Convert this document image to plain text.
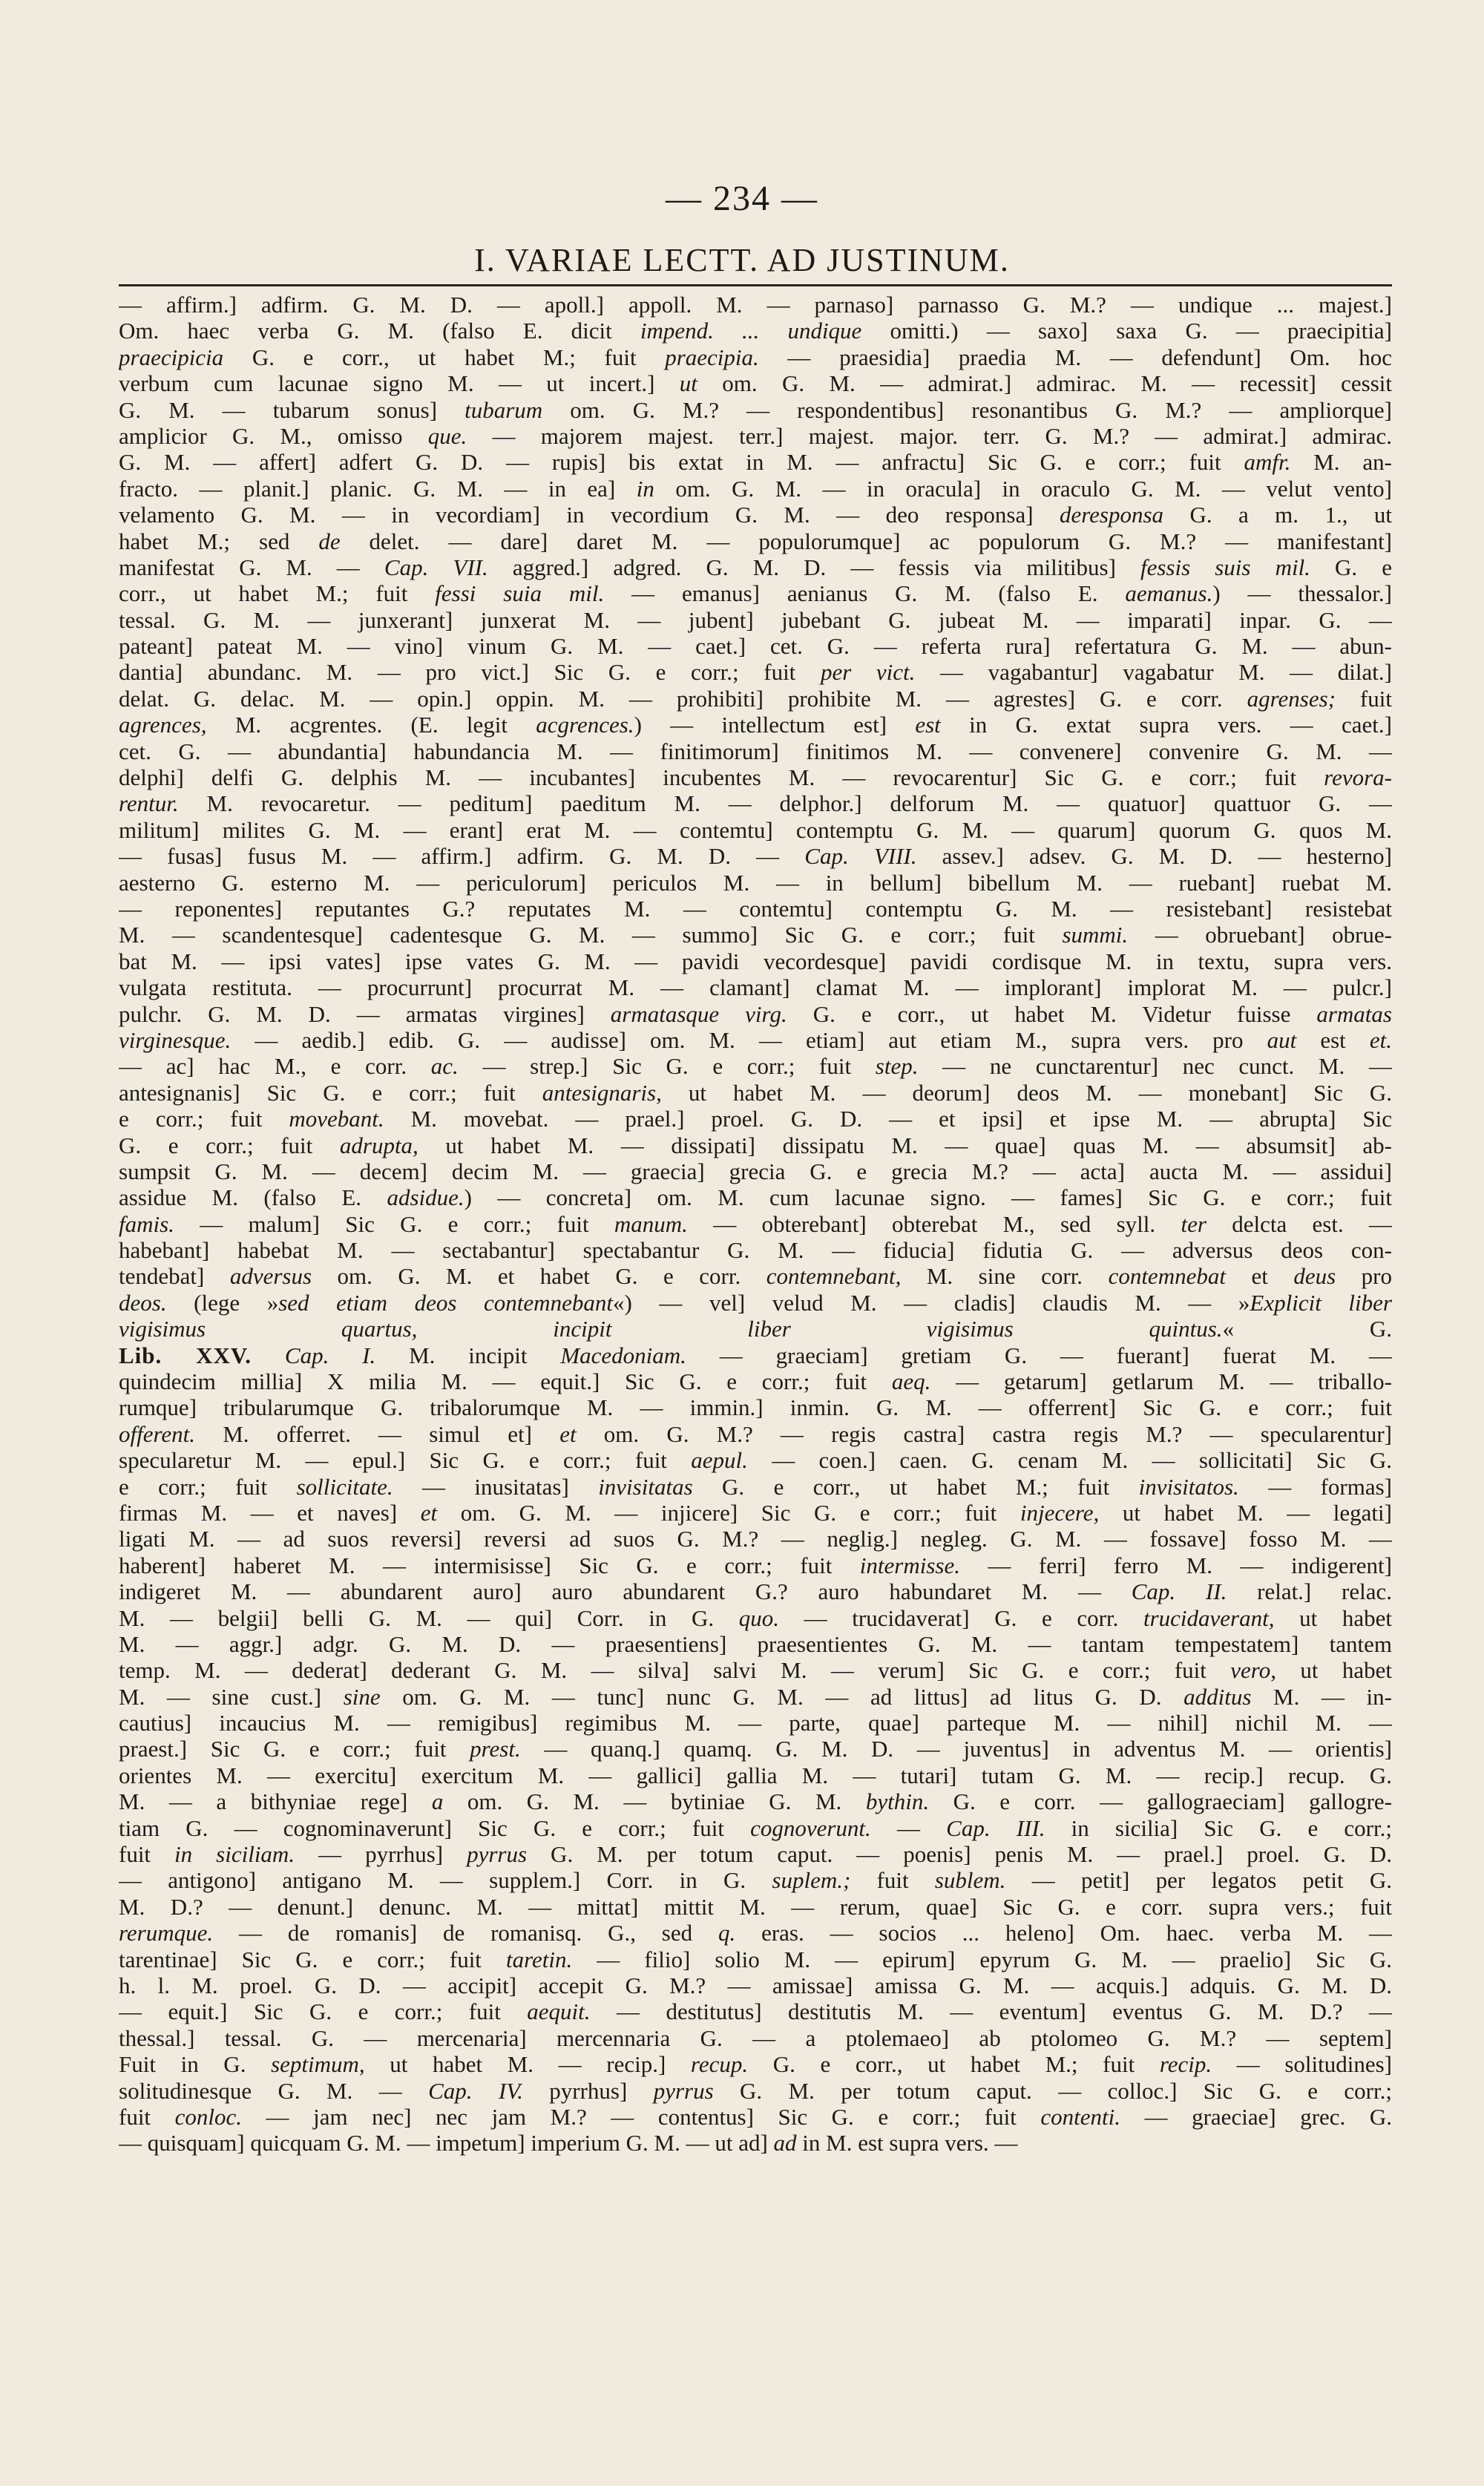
— 234 —
I. VARIAE LECTT. AD JUSTINUM.
— affirm.] adfirm. G. M. D. — apoll.] appoll. M. — parnaso] parnasso G. M.? — undique ... majest.]
Om. haec verba G. M. (falso E. dicit impend. ... undique omitti.) — saxo] saxa G. — praecipitia]
praecipicia G. e corr., ut habet M.; fuit praecipia. — praesidia] praedia M. — defendunt] Om. hoc
verbum cum lacunae signo M. — ut incert.] ut om. G. M. — admirat.] admirac. M. — recessit] cessit
G. M. — tubarum sonus] tubarum om. G. M.? — respondentibus] resonantibus G. M.? — ampliorque]
amplicior G. M., omisso que. — majorem majest. terr.] majest. major. terr. G. M.? — admirat.] admirac.
G. M. — affert] adfert G. D. — rupis] bis extat in M. — anfractu] Sic G. e corr.; fuit amfr. M. an-
fracto. — planit.] planic. G. M. — in ea] in om. G. M. — in oracula] in oraculo G. M. — velut vento]
velamento G. M. — in vecordiam] in vecordium G. M. — deo responsa] deresponsa G. a m. 1., ut
habet M.; sed de delet. — dare] daret M. — populorumque] ac populorum G. M.? — manifestant]
manifestat G. M. — Cap. VII. aggred.] adgred. G. M. D. — fessis via militibus] fessis suis mil. G. e
corr., ut habet M.; fuit fessi suia mil. — emanus] aenianus G. M. (falso E. aemanus.) — thessalor.]
tessal. G. M. — junxerant] junxerat M. — jubent] jubebant G. jubeat M. — imparati] inpar. G. —
pateant] pateat M. — vino] vinum G. M. — caet.] cet. G. — referta rura] refertatura G. M. — abun-
dantia] abundanc. M. — pro vict.] Sic G. e corr.; fuit per vict. — vagabantur] vagabatur M. — dilat.]
delat. G. delac. M. — opin.] oppin. M. — prohibiti] prohibite M. — agrestes] G. e corr. agrenses; fuit
agrences, M. acgrentes. (E. legit acgrences.) — intellectum est] est in G. extat supra vers. — caet.]
cet. G. — abundantia] habundancia M. — finitimorum] finitimos M. — convenere] convenire G. M. —
delphi] delfi G. delphis M. — incubantes] incubentes M. — revocarentur] Sic G. e corr.; fuit revora-
rentur. M. revocaretur. — peditum] paeditum M. — delphor.] delforum M. — quatuor] quattuor G. —
militum] milites G. M. — erant] erat M. — contemtu] contemptu G. M. — quarum] quorum G. quos M.
— fusas] fusus M. — affirm.] adfirm. G. M. D. — Cap. VIII. assev.] adsev. G. M. D. — hesterno]
aesterno G. esterno M. — periculorum] periculos M. — in bellum] bibellum M. — ruebant] ruebat M.
— reponentes] reputantes G.? reputates M. — contemtu] contemptu G. M. — resistebant] resistebat
M. — scandentesque] cadentesque G. M. — summo] Sic G. e corr.; fuit summi. — obruebant] obrue-
bat M. — ipsi vates] ipse vates G. M. — pavidi vecordesque] pavidi cordisque M. in textu, supra vers.
vulgata restituta. — procurrunt] procurrat M. — clamant] clamat M. — implorant] implorat M. — pulcr.]
pulchr. G. M. D. — armatas virgines] armatasque virg. G. e corr., ut habet M. Videtur fuisse armatas
virginesque. — aedib.] edib. G. — audisse] om. M. — etiam] aut etiam M., supra vers. pro aut est et.
— ac] hac M., e corr. ac. — strep.] Sic G. e corr.; fuit step. — ne cunctarentur] nec cunct. M. —
antesignanis] Sic G. e corr.; fuit antesignaris, ut habet M. — deorum] deos M. — monebant] Sic G.
e corr.; fuit movebant. M. movebat. — prael.] proel. G. D. — et ipsi] et ipse M. — abrupta] Sic
G. e corr.; fuit adrupta, ut habet M. — dissipati] dissipatu M. — quae] quas M. — absumsit] ab-
sumpsit G. M. — decem] decim M. — graecia] grecia G. e grecia M.? — acta] aucta M. — assidui]
assidue M. (falso E. adsidue.) — concreta] om. M. cum lacunae signo. — fames] Sic G. e corr.; fuit
famis. — malum] Sic G. e corr.; fuit manum. — obterebant] obterebat M., sed syll. ter delcta est. —
habebant] habebat M. — sectabantur] spectabantur G. M. — fiducia] fidutia G. — adversus deos con-
tendebat] adversus om. G. M. et habet G. e corr. contemnebant, M. sine corr. contemnebat et deus pro
deos. (lege »sed etiam deos contemnebant«) — vel] velud M. — cladis] claudis M. — »Explicit liber
vigisimus quartus, incipit liber vigisimus quintus.« G.
Lib. XXV. Cap. I. M. incipit Macedoniam. — graeciam] gretiam G. — fuerant] fuerat M. —
quindecim millia] X milia M. — equit.] Sic G. e corr.; fuit aeq. — getarum] getlarum M. — triballo-
rumque] tribularumque G. tribalorumque M. — immin.] inmin. G. M. — offerrent] Sic G. e corr.; fuit
offerent. M. offerret. — simul et] et om. G. M.? — regis castra] castra regis M.? — specularentur]
specularetur M. — epul.] Sic G. e corr.; fuit aepul. — coen.] caen. G. cenam M. — sollicitati] Sic G.
e corr.; fuit sollicitate. — inusitatas] invisitatas G. e corr., ut habet M.; fuit invisitatos. — formas]
firmas M. — et naves] et om. G. M. — injicere] Sic G. e corr.; fuit injecere, ut habet M. — legati]
ligati M. — ad suos reversi] reversi ad suos G. M.? — neglig.] negleg. G. M. — fossave] fosso M. —
haberent] haberet M. — intermisisse] Sic G. e corr.; fuit intermisse. — ferri] ferro M. — indigerent]
indigeret M. — abundarent auro] auro abundarent G.? auro habundaret M. — Cap. II. relat.] relac.
M. — belgii] belli G. M. — qui] Corr. in G. quo. — trucidaverat] G. e corr. trucidaverant, ut habet
M. — aggr.] adgr. G. M. D. — praesentiens] praesentientes G. M. — tantam tempestatem] tantem
temp. M. — dederat] dederant G. M. — silva] salvi M. — verum] Sic G. e corr.; fuit vero, ut habet
M. — sine cust.] sine om. G. M. — tunc] nunc G. M. — ad littus] ad litus G. D. additus M. — in-
cautius] incaucius M. — remigibus] regimibus M. — parte, quae] parteque M. — nihil] nichil M. —
praest.] Sic G. e corr.; fuit prest. — quanq.] quamq. G. M. D. — juventus] in adventus M. — orientis]
orientes M. — exercitu] exercitum M. — gallici] gallia M. — tutari] tutam G. M. — recip.] recup. G.
M. — a bithyniae rege] a om. G. M. — bytiniae G. M. bythin. G. e corr. — gallograeciam] gallogre-
tiam G. — cognominaverunt] Sic G. e corr.; fuit cognoverunt. — Cap. III. in sicilia] Sic G. e corr.;
fuit in siciliam. — pyrrhus] pyrrus G. M. per totum caput. — poenis] penis M. — prael.] proel. G. D.
— antigono] antigano M. — supplem.] Corr. in G. suplem.; fuit sublem. — petit] per legatos petit G.
M. D.? — denunt.] denunc. M. — mittat] mittit M. — rerum, quae] Sic G. e corr. supra vers.; fuit
rerumque. — de romanis] de romanisq. G., sed q. eras. — socios ... heleno] Om. haec. verba M. —
tarentinae] Sic G. e corr.; fuit taretin. — filio] solio M. — epirum] epyrum G. M. — praelio] Sic G.
h. l. M. proel. G. D. — accipit] accepit G. M.? — amissae] amissa G. M. — acquis.] adquis. G. M. D.
— equit.] Sic G. e corr.; fuit aequit. — destitutus] destitutis M. — eventum] eventus G. M. D.? —
thessal.] tessal. G. — mercenaria] mercennaria G. — a ptolemaeo] ab ptolomeo G. M.? — septem]
Fuit in G. septimum, ut habet M. — recip.] recup. G. e corr., ut habet M.; fuit recip. — solitudines]
solitudinesque G. M. — Cap. IV. pyrrhus] pyrrus G. M. per totum caput. — colloc.] Sic G. e corr.;
fuit conloc. — jam nec] nec jam M.? — contentus] Sic G. e corr.; fuit contenti. — graeciae] grec. G.
— quisquam] quicquam G. M. — impetum] imperium G. M. — ut ad] ad in M. est supra vers. —
